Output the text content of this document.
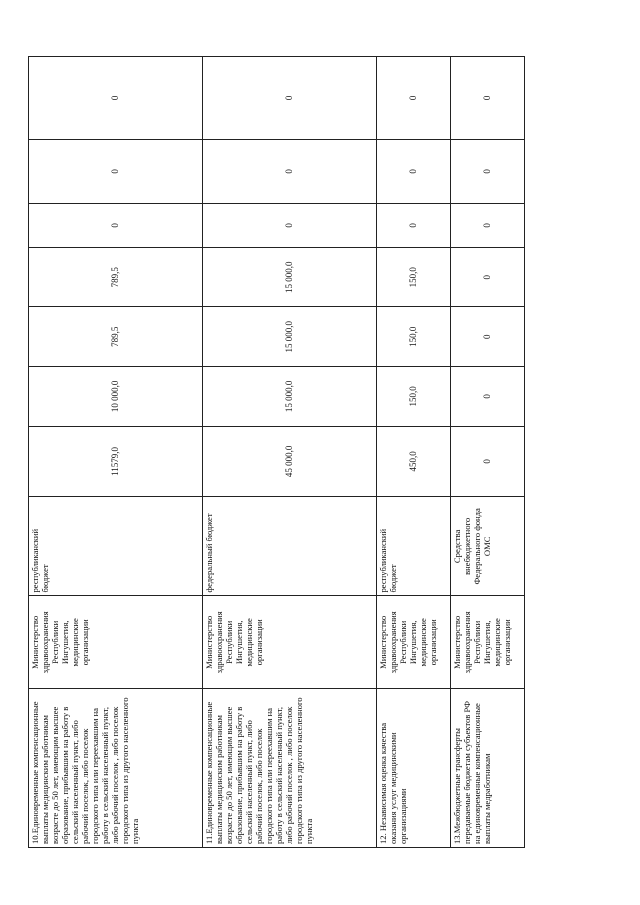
10.Единовременные компенсационные выплаты медицинским работникам возрасте до 50 лет, имеющим высшее образование, прибывшим на работу в сельский населенный пункт, либо рабочий поселок, либо поселок городского типа или переехавшим на работу в сельский населенный пункт, либо рабочий поселок , либо поселок городского типа из другого населенного пункта	Министерство здравоохранения Республики Ингушетия, медицинские организации	республиканский бюджет	11579,0	10 000,0	789,5	789,5	0	0	0
11.Единовременные компенсационные выплаты медицинским работникам возрасте до 50 лет, имеющим высшее образование, прибывшим на работу в сельский населенный пункт, либо рабочий поселок, либо поселок городского типа или переехавшим на работу в сельский населенный пункт, либо рабочий поселок , либо поселок городского типа из другого населенного пункта	Министерство здравоохранения Республики Ингушетия, медицинские организации	федеральный бюджет	45 000,0	15 000,0	15 000,0	15 000,0	0	0	0
12. Независимая оценка качества оказания услуг медицинскими организациями	Министерство здравоохранения Республики Ингушетия, медицинские организации	республиканский бюджет	450,0	150,0	150,0	150,0	0	0	0
13.Межбюджетные трансферты передаваемые бюджетам субъектов РФ на единовременные компенсационные выплаты медработникам	Министерство здравоохранения Республики Ингушетия, медицинские организации	Средства внебюджетного Федерального фонда ОМС	0	0	0	0	0	0	0
